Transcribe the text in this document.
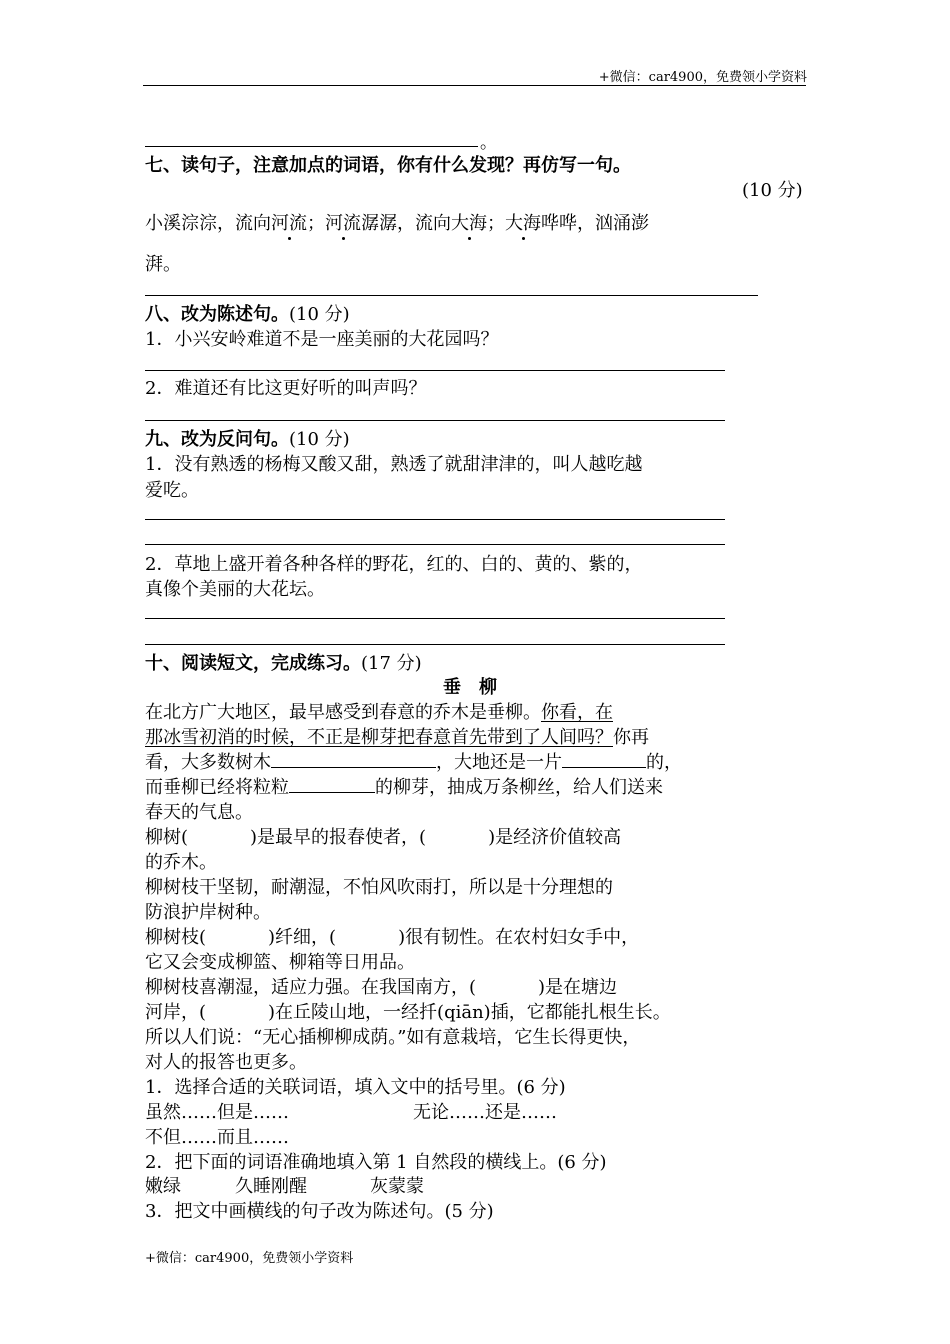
+微信：car4900，免费领小学资料
+微信：car4900，免费领小学资料
。
七、读句子，注意加点的词语，你有什么发现？再仿写一句。
(10 分)
小溪淙淙，流向河流；河流潺潺，流向大海；大海哗哗，汹涌澎
湃。
八、改为陈述句。(10 分)
1．小兴安岭难道不是一座美丽的大花园吗？
2．难道还有比这更好听的叫声吗？
九、改为反问句。(10 分)
1．没有熟透的杨梅又酸又甜，熟透了就甜津津的，叫人越吃越
爱吃。
2．草地上盛开着各种各样的野花，红的、白的、黄的、紫的，
真像个美丽的大花坛。
十、阅读短文，完成练习。(17 分)
垂　柳
在北方广大地区，最早感受到春意的乔木是垂柳。你看，在
那冰雪初消的时候，不正是柳芽把春意首先带到了人间吗？你再
看，大多数树木	，大地还是一片	的，
而垂柳已经将粒粒	的柳芽，抽成万条柳丝，给人们送来
春天的气息。
柳树(	)是最早的报春使者，(	)是经济价值较高
的乔木。
柳树枝干坚韧，耐潮湿，不怕风吹雨打，所以是十分理想的
防浪护岸树种。
柳树枝(	)纤细，(	)很有韧性。在农村妇女手中，
它又会变成柳篮、柳箱等日用品。
柳树枝喜潮湿，适应力强。在我国南方，(	)是在塘边
河岸，(	)在丘陵山地，一经扦(qiān)插，它都能扎根生长。
所以人们说：“无心插柳柳成荫。”如有意栽培，它生长得更快，
对人的报答也更多。
1．选择合适的关联词语，填入文中的括号里。(6 分)
虽然……但是……	无论……还是……
不但……而且……
2．把下面的词语准确地填入第 1 自然段的横线上。(6 分)
嫩绿	久睡刚醒	灰蒙蒙
3．把文中画横线的句子改为陈述句。(5 分)
